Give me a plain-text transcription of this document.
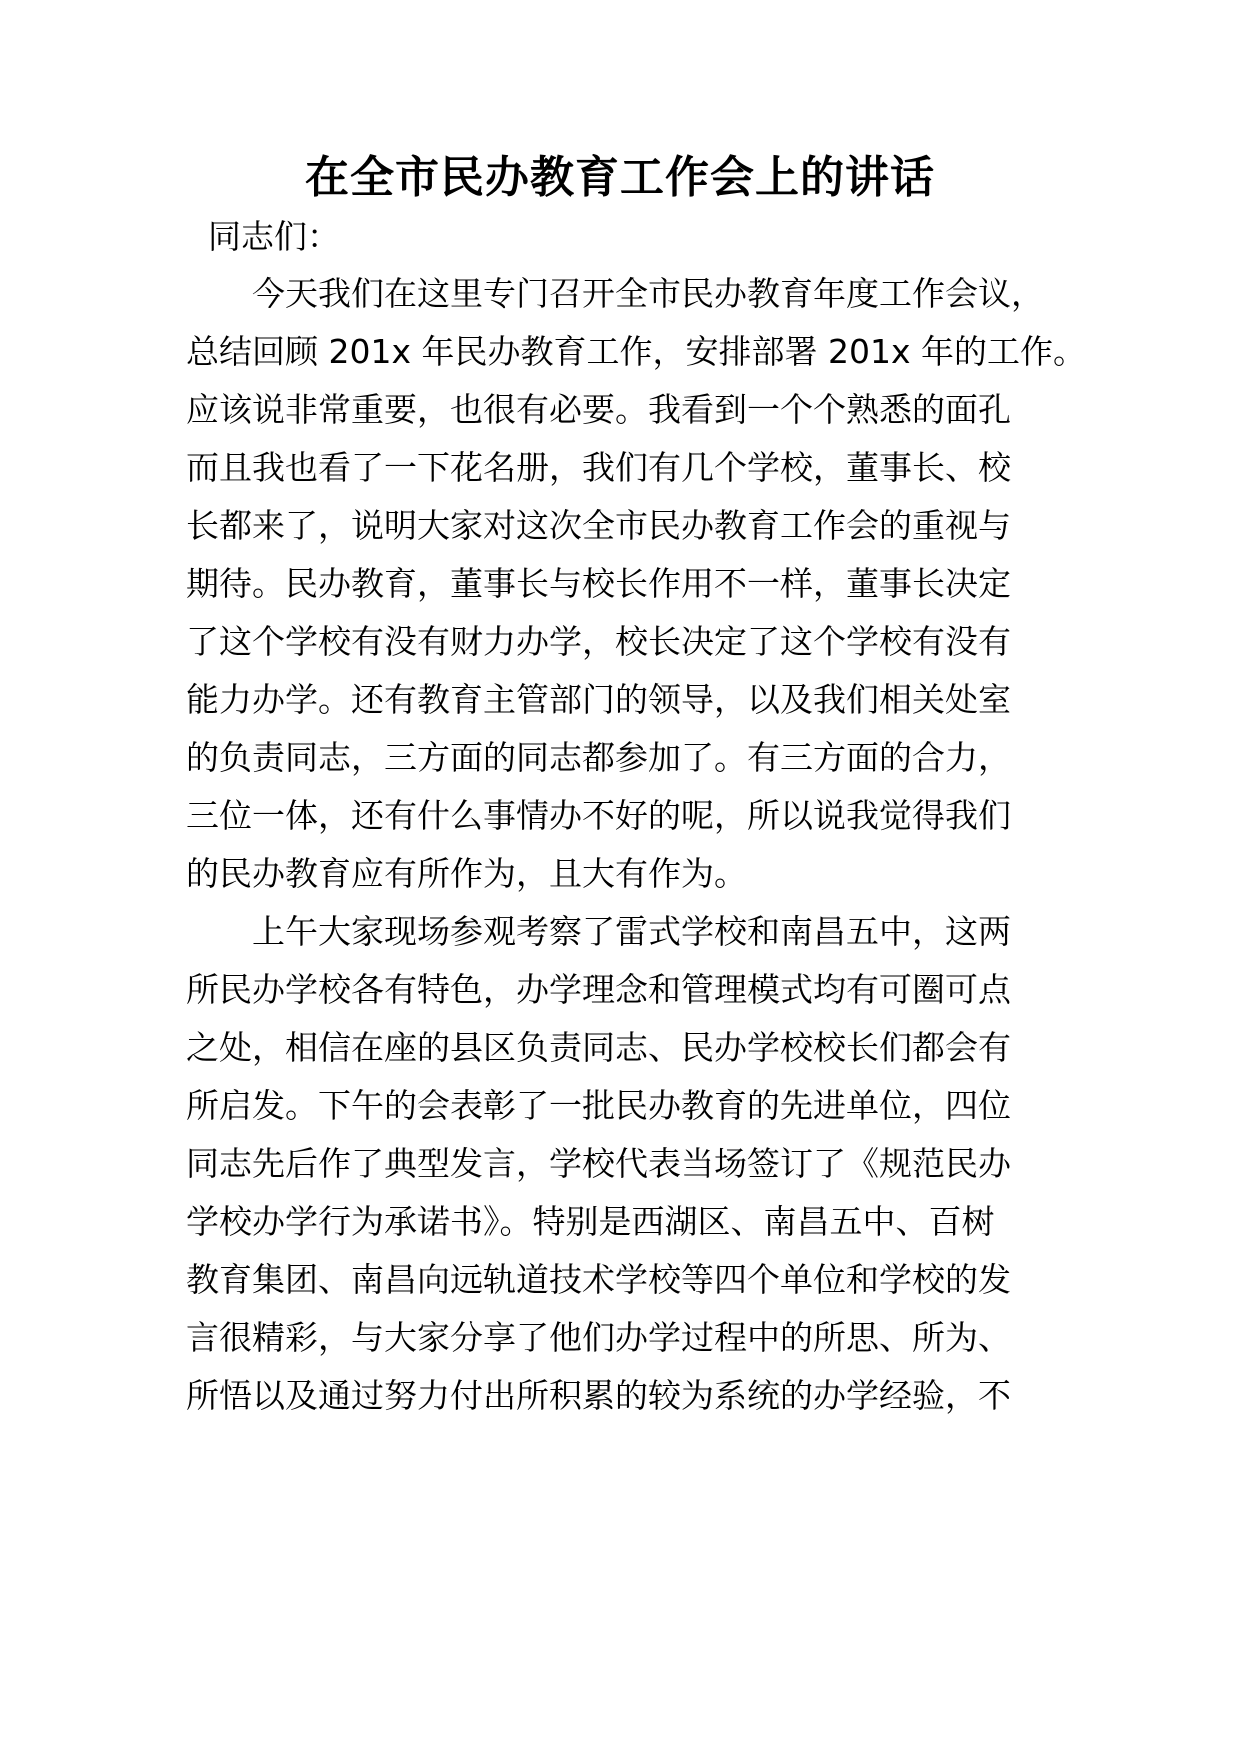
在全市民办教育工作会上的讲话
同志们：
今天我们在这里专门召开全市民办教育年度工作会议，
总结回顾 201x 年民办教育工作，安排部署 201x 年的工作。
应该说非常重要，也很有必要。我看到一个个熟悉的面孔
而且我也看了一下花名册，我们有几个学校，董事长、校
长都来了，说明大家对这次全市民办教育工作会的重视与
期待。民办教育，董事长与校长作用不一样，董事长决定
了这个学校有没有财力办学，校长决定了这个学校有没有
能力办学。还有教育主管部门的领导，以及我们相关处室
的负责同志，三方面的同志都参加了。有三方面的合力，
三位一体，还有什么事情办不好的呢，所以说我觉得我们
的民办教育应有所作为，且大有作为。
上午大家现场参观考察了雷式学校和南昌五中，这两
所民办学校各有特色，办学理念和管理模式均有可圈可点
之处，相信在座的县区负责同志、民办学校校长们都会有
所启发。下午的会表彰了一批民办教育的先进单位，四位
同志先后作了典型发言，学校代表当场签订了《规范民办
学校办学行为承诺书》。特别是西湖区、南昌五中、百树
教育集团、南昌向远轨道技术学校等四个单位和学校的发
言很精彩，与大家分享了他们办学过程中的所思、所为、
所悟以及通过努力付出所积累的较为系统的办学经验，不
